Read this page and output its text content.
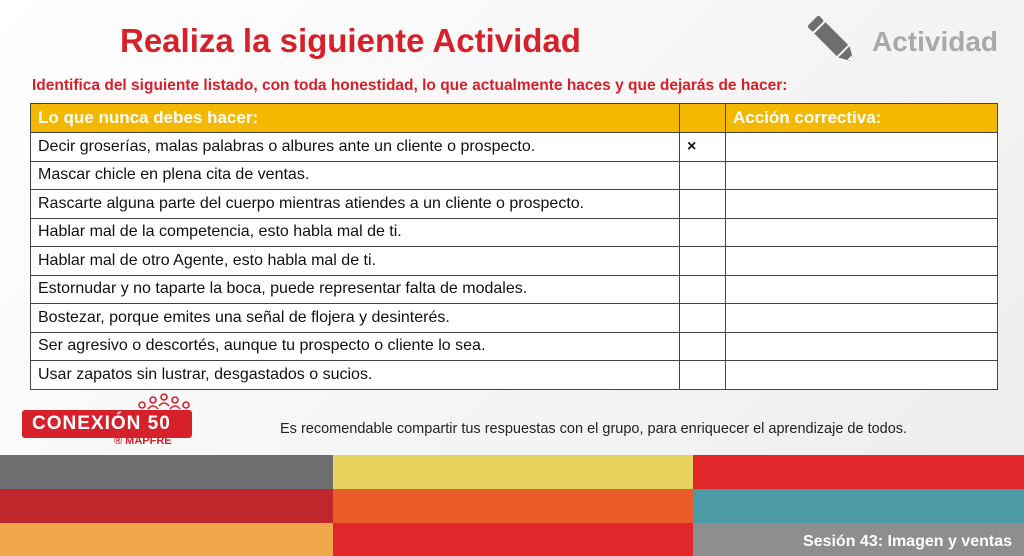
Realiza la siguiente Actividad	Actividad
Identifica del siguiente listado, con toda honestidad, lo que actualmente haces y que dejarás de hacer:
Lo que nunca debes hacer:		Acción correctiva:
Decir groserías, malas palabras o albures ante un cliente o prospecto.	×	
Mascar chicle en plena cita de ventas.		
Rascarte alguna parte del cuerpo mientras atiendes a un cliente o prospecto.		
Hablar mal de la competencia, esto habla mal de ti.		
Hablar mal de otro Agente, esto habla mal de ti.		
Estornudar y no taparte la boca, puede representar falta de modales.		
Bostezar, porque emites una señal de flojera y desinterés.		
Ser agresivo o descortés, aunque tu prospecto o cliente lo sea.		
Usar zapatos sin lustrar, desgastados o sucios.		
CONEXIÓN 50
® MAPFRE
Es recomendable compartir tus respuestas con el grupo, para enriquecer el aprendizaje de todos.
Sesión 43: Imagen y ventas
